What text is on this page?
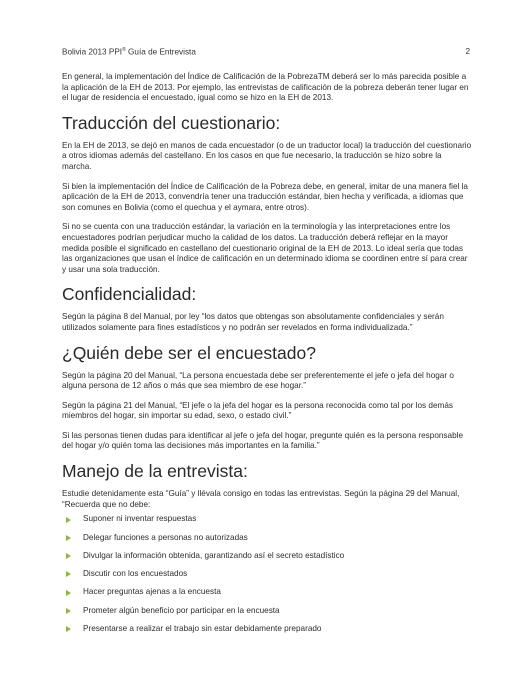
Bolivia 2013 PPI® Guía de Entrevista	2

En general, la implementación del Índice de Calificación de la PobrezaTM deberá ser lo más parecida posible a la aplicación de la EH de 2013. Por ejemplo, las entrevistas de calificación de la pobreza deberán tener lugar en el lugar de residencia el encuestado, igual como se hizo en la EH de 2013.

Traducción del cuestionario:

En la EH de 2013, se dejó en manos de cada encuestador (o de un traductor local) la traducción del cuestionario a otros idiomas además del castellano. En los casos en que fue necesario, la traducción se hizo sobre la marcha.

Si bien la implementación del Índice de Calificación de la Pobreza debe, en general, imitar de una manera fiel la aplicación de la EH de 2013, convendría tener una traducción estándar, bien hecha y verificada, a idiomas que son comunes en Bolivia (como el quechua y el aymara, entre otros).

Si no se cuenta con una traducción estándar, la variación en la terminología y las interpretaciones entre los encuestadores podrían perjudicar mucho la calidad de los datos. La traducción deberá reflejar en la mayor medida posible el significado en castellano del cuestionario original de la EH de 2013. Lo ideal sería que todas las organizaciones que usan el índice de calificación en un determinado idioma se coordinen entre sí para crear y usar una sola traducción.

Confidencialidad:

Según la página 8 del Manual, por ley “los datos que obtengas son absolutamente confidenciales y serán utilizados solamente para fines estadísticos y no podrán ser revelados en forma individualizada.”

¿Quién debe ser el encuestado?

Según la página 20 del Manual, “La persona encuestada debe ser preferentemente el jefe o jefa del hogar o alguna persona de 12 años o más que sea miembro de ese hogar.”

Según la página 21 del Manual, “El jefe o la jefa del hogar es la persona reconocida como tal por los demás miembros del hogar, sin importar su edad, sexo, o estado civil.”

Si las personas tienen dudas para identificar al jefe o jefa del hogar, pregunte quién es la persona responsable del hogar y/o quién toma las decisiones más importantes en la familia.”

Manejo de la entrevista:

Estudie detenidamente esta “Guía” y llévala consigo en todas las entrevistas. Según la página 29 del Manual, “Recuerda que no debe:

Suponer ni inventar respuestas
Delegar funciones a personas no autorizadas
Divulgar la información obtenida, garantizando así el secreto estadístico
Discutir con los encuestados
Hacer preguntas ajenas a la encuesta
Prometer algún beneficio por participar en la encuesta
Presentarse a realizar el trabajo sin estar debidamente preparado
